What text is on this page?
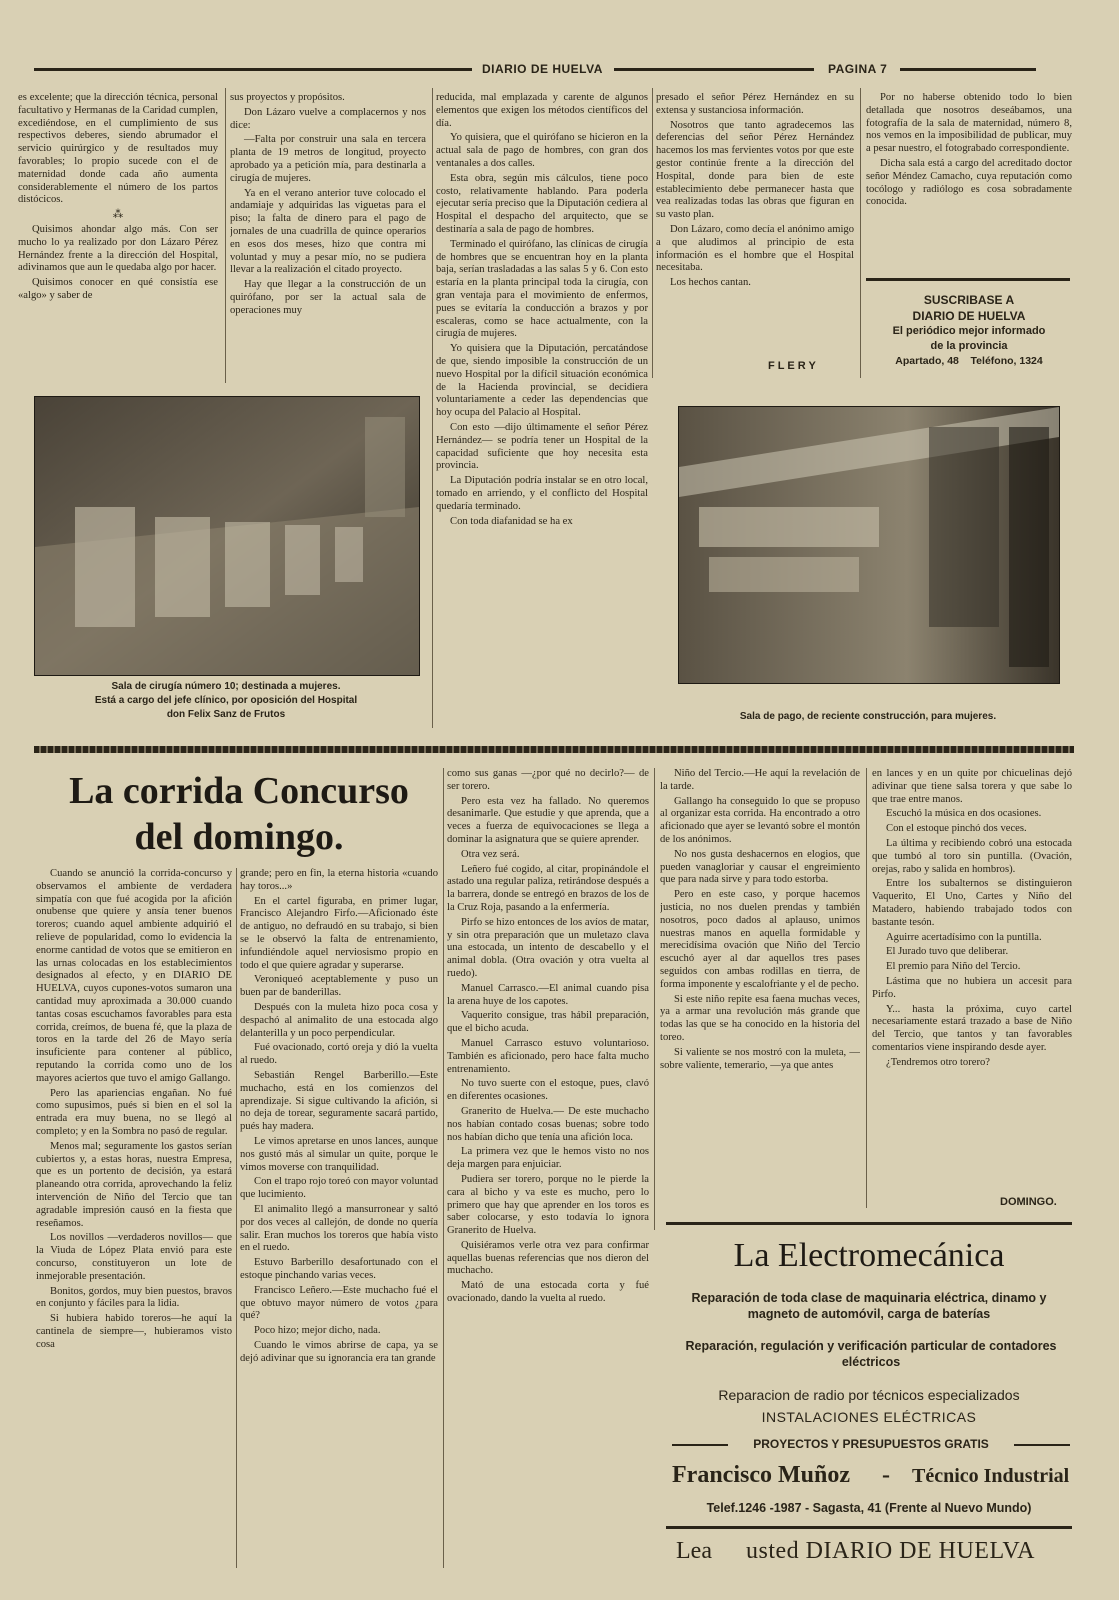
DIARIO DE HUELVA	PAGINA 7

es excelente; que la dirección técnica, personal facultativo y Hermanas de la Caridad cumplen, excediéndose, en el cumplimiento de sus respectivos deberes, siendo abrumador el servicio quirúrgico y de resultados muy favorables; lo propio sucede con el de maternidad donde cada año aumenta considerablemente el número de los partos distócicos.

⁂

Quisimos ahondar algo más. Con ser mucho lo ya realizado por don Lázaro Pérez Hernández frente a la dirección del Hospital, adivinamos que aun le quedaba algo por hacer.

Quisimos conocer en qué consistía ese «algo» y saber de

sus proyectos y propósitos.

Don Lázaro vuelve a complacernos y nos dice:

—Falta por construir una sala en tercera planta de 19 metros de longitud, proyecto aprobado ya a petición mía, para destinarla a cirugía de mujeres.

Ya en el verano anterior tuve colocado el andamiaje y adquiridas las viguetas para el piso; la falta de dinero para el pago de jornales de una cuadrilla de quince operarios en esos dos meses, hizo que contra mi voluntad y muy a pesar mío, no se pudiera llevar a la realización el citado proyecto.

Hay que llegar a la construcción de un quirófano, por ser la actual sala de operaciones muy

reducida, mal emplazada y carente de algunos elementos que exigen los métodos científicos del día.

Yo quisiera, que el quirófano se hicieron en la actual sala de pago de hombres, con gran dos ventanales a dos calles.

Esta obra, según mis cálculos, tiene poco costo, relativamente hablando. Para poderla ejecutar sería preciso que la Diputación cediera al Hospital el despacho del arquitecto, que se destinaría a sala de pago de hombres.

Terminado el quirófano, las clínicas de cirugía de hombres que se encuentran hoy en la planta baja, serían trasladadas a las salas 5 y 6. Con esto estaría en la planta principal toda la cirugía, con gran ventaja para el movimiento de enfermos, pues se evitaría la conducción a brazos y por escaleras, como se hace actualmente, con la cirugía de mujeres.

Yo quisiera que la Diputación, percatándose de que, siendo imposible la construcción de un nuevo Hospital por la difícil situación económica de la Hacienda provincial, se decidiera voluntariamente a ceder las dependencias que hoy ocupa del Palacio al Hospital.

Con esto —dijo últimamente el señor Pérez Hernández— se podría tener un Hospital de la capacidad suficiente que hoy necesita esta provincia.

La Diputación podría instalar se en otro local, tomado en arriendo, y el conflicto del Hospital quedaría terminado.

Con toda diafanidad se ha ex

presado el señor Pérez Hernández en su extensa y sustanciosa información.

Nosotros que tanto agradecemos las deferencias del señor Pérez Hernández hacemos los mas fervientes votos por que este gestor continúe frente a la dirección del Hospital, donde para bien de este establecimiento debe permanecer hasta que vea realizadas todas las obras que figuran en su vasto plan.

Don Lázaro, como decía el anónimo amigo a que aludimos al principio de esta información es el hombre que el Hospital necesitaba.

Los hechos cantan.

F L E R Y

Por no haberse obtenido todo lo bien detallada que nosotros deseábamos, una fotografía de la sala de maternidad, número 8, nos vemos en la imposibilidad de publicar, muy a pesar nuestro, el fotograbado correspondiente.

Dicha sala está a cargo del acreditado doctor señor Méndez Camacho, cuya reputación como tocólogo y radiólogo es cosa sobradamente conocida.

SUSCRIBASE A
DIARIO DE HUELVA
El periódico mejor informado
de la provincia
Apartado, 48    Teléfono, 1324
Sala de cirugía número 10; destinada a mujeres.
Está a cargo del jefe clínico, por oposición del Hospital
don Felix Sanz de Frutos	Sala de pago, de reciente construcción, para mujeres.
La corrida Concurso
del domingo.

Cuando se anunció la corrida-concurso y observamos el ambiente de verdadera simpatía con que fué acogida por la afición onubense que quiere y ansía tener buenos toreros; cuando aquel ambiente adquirió el relieve de popularidad, como lo evidencia la enorme cantidad de votos que se emitieron en las urnas colocadas en los establecimientos designados al efecto, y en DIARIO DE HUELVA, cuyos cupones-votos sumaron una cantidad muy aproximada a 30.000 cuando tantas cosas escuchamos favorables para esta corrida, creímos, de buena fé, que la plaza de toros en la tarde del 26 de Mayo sería insuficiente para contener al público, reputando la corrida como uno de los mayores aciertos que tuvo el amigo Gallango.

Pero las apariencias engañan. No fué como supusimos, pués si bien en el sol la entrada era muy buena, no se llegó al completo; y en la Sombra no pasó de regular.

Menos mal; seguramente los gastos serían cubiertos y, a estas horas, nuestra Empresa, que es un portento de decisión, ya estará planeando otra corrida, aprovechando la feliz intervención de Niño del Tercio que tan agradable impresión causó en la fiesta que reseñamos.

Los novillos —verdaderos novillos— que la Viuda de López Plata envió para este concurso, constituyeron un lote de inmejorable presentación.

Bonitos, gordos, muy bien puestos, bravos en conjunto y fáciles para la lidia.

Si hubiera habido toreros—he aquí la cantinela de siempre—, hubieramos visto cosa

grande; pero en fin, la eterna historia «cuando hay toros...»

En el cartel figuraba, en primer lugar, Francisco Alejandro Firfo.—Aficionado éste de antiguo, no defraudó en su trabajo, si bien se le observó la falta de entrenamiento, infundiéndole aquel nerviosismo propio en todo el que quiere agradar y superarse.

Veroniqueó aceptablemente y puso un buen par de banderillas.

Después con la muleta hizo poca cosa y despachó al animalito de una estocada algo delanterilla y un poco perpendicular.

Fué ovacionado, cortó oreja y dió la vuelta al ruedo.

Sebastián Rengel Barberillo.—Este muchacho, está en los comienzos del aprendizaje. Si sigue cultivando la afición, si no deja de torear, seguramente sacará partido, pués hay madera.

Le vimos apretarse en unos lances, aunque nos gustó más al simular un quite, porque le vimos moverse con tranquilidad.

Con el trapo rojo toreó con mayor voluntad que lucimiento.

El animalito llegó a mansurronear y saltó por dos veces al callejón, de donde no quería salir. Eran muchos los toreros que había visto en el ruedo.

Estuvo Barberillo desafortunado con el estoque pinchando varias veces.

Francisco Leñero.—Este muchacho fué el que obtuvo mayor número de votos ¿para qué?

Poco hizo; mejor dicho, nada.

Cuando le vimos abrirse de capa, ya se dejó adivinar que su ignorancia era tan grande

como sus ganas —¿por qué no decirlo?— de ser torero.

Pero esta vez ha fallado. No queremos desanimarle. Que estudie y que aprenda, que a veces a fuerza de equivocaciones se llega a dominar la asignatura que se quiere aprender.

Otra vez será.

Leñero fué cogido, al citar, propinándole el astado una regular paliza, retirándose después a la barrera, donde se entregó en brazos de los de la Cruz Roja, pasando a la enfermería.

Pirfo se hizo entonces de los avíos de matar, y sin otra preparación que un muletazo clava una estocada, un intento de descabello y el animal dobla. (Otra ovación y otra vuelta al ruedo).

Manuel Carrasco.—El animal cuando pisa la arena huye de los capotes.

Vaquerito consigue, tras hábil preparación, que el bicho acuda.

Manuel Carrasco estuvo voluntarioso. También es aficionado, pero hace falta mucho entrenamiento.

No tuvo suerte con el estoque, pues, clavó en diferentes ocasiones.

Granerito de Huelva.— De este muchacho nos habían contado cosas buenas; sobre todo nos habían dicho que tenía una afición loca.

La primera vez que le hemos visto no nos deja margen para enjuiciar.

Pudiera ser torero, porque no le pierde la cara al bicho y va este es mucho, pero lo primero que hay que aprender en los toros es saber colocarse, y esto todavía lo ignora Granerito de Huelva.

Quisiéramos verle otra vez para confirmar aquellas buenas referencias que nos dieron del muchacho.

Mató de una estocada corta y fué ovacionado, dando la vuelta al ruedo.

Niño del Tercio.—He aquí la revelación de la tarde.

Gallango ha conseguido lo que se propuso al organizar esta corrida. Ha encontrado a otro aficionado que ayer se levantó sobre el montón de los anónimos.

No nos gusta deshacernos en elogios, que pueden vanagloriar y causar el engreimiento que para nada sirve y para todo estorba.

Pero en este caso, y porque hacemos justicia, no nos duelen prendas y también nosotros, poco dados al aplauso, unimos nuestras manos en aquella formidable y merecidísima ovación que Niño del Tercio escuchó ayer al dar aquellos tres pases seguidos con ambas rodillas en tierra, de forma imponente y escalofriante y el de pecho.

Si este niño repite esa faena muchas veces, ya a armar una revolución más grande que todas las que se ha conocido en la historia del toreo.

Si valiente se nos mostró con la muleta, —sobre valiente, temerario, —ya que antes

en lances y en un quite por chicuelinas dejó adivinar que tiene salsa torera y que sabe lo que trae entre manos.

Escuchó la música en dos ocasiones.

Con el estoque pinchó dos veces.

La última y recibiendo cobró una estocada que tumbó al toro sin puntilla. (Ovación, orejas, rabo y salida en hombros).

Entre los subalternos se distinguieron Vaquerito, El Uno, Cartes y Niño del Matadero, habiendo trabajado todos con bastante tesón.

Aguirre acertadísimo con la puntilla.

El Jurado tuvo que deliberar.

El premio para Niño del Tercio.

Lástima que no hubiera un accesit para Pirfo.

Y... hasta la próxima, cuyo cartel necesariamente estará trazado a base de Niño del Tercio, que tantos y tan favorables comentarios viene inspirando desde ayer.

¿Tendremos otro torero?

DOMINGO.
La Electromecánica
Reparación de toda clase de maquinaria eléctrica, dinamo y magneto de automóvil, carga de baterías
Reparación, regulación y verificación particular de contadores eléctricos
Reparacion de radio por técnicos especializados
INSTALACIONES ELÉCTRICAS
PROYECTOS Y PRESUPUESTOS GRATIS
Francisco Muñoz - Técnico Industrial
Telef.1246 -1987 - Sagasta, 41 (Frente al Nuevo Mundo)
Lea usted DIARIO DE HUELVA
